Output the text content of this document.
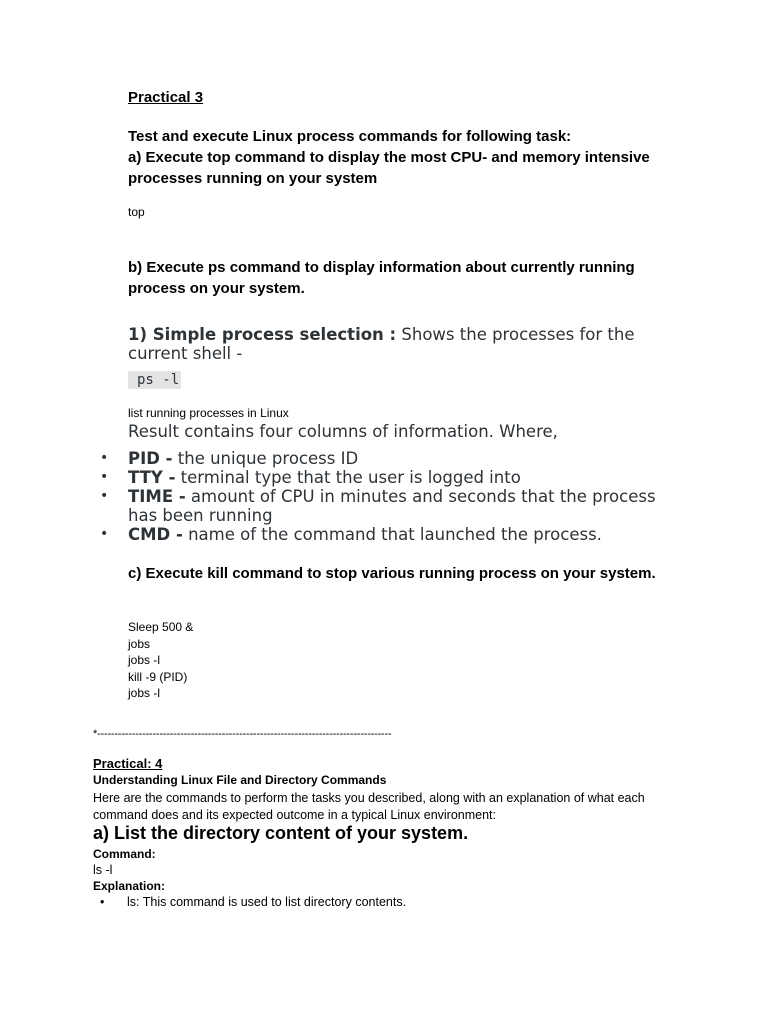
Practical 3
Test and execute Linux process commands for following task:
a) Execute top command to display the most CPU- and memory intensive processes running on your system
top
b) Execute ps command to display information about currently running process on your system.
1) Simple process selection : Shows the processes for the current shell -
ps -l
list running processes in Linux
Result contains four columns of information. Where,
• PID - the unique process ID
• TTY - terminal type that the user is logged into
• TIME - amount of CPU in minutes and seconds that the process has been running
• CMD - name of the command that launched the process.
c) Execute kill command to stop various running process on your system.
Sleep 500 &
jobs
jobs -l
kill -9 (PID)
jobs -l
*-------------------------------------------------------------------------------------
Practical: 4
Understanding Linux File and Directory Commands
Here are the commands to perform the tasks you described, along with an explanation of what each command does and its expected outcome in a typical Linux environment:
a) List the directory content of your system.
Command:
ls -l
Explanation:
• ls: This command is used to list directory contents.
